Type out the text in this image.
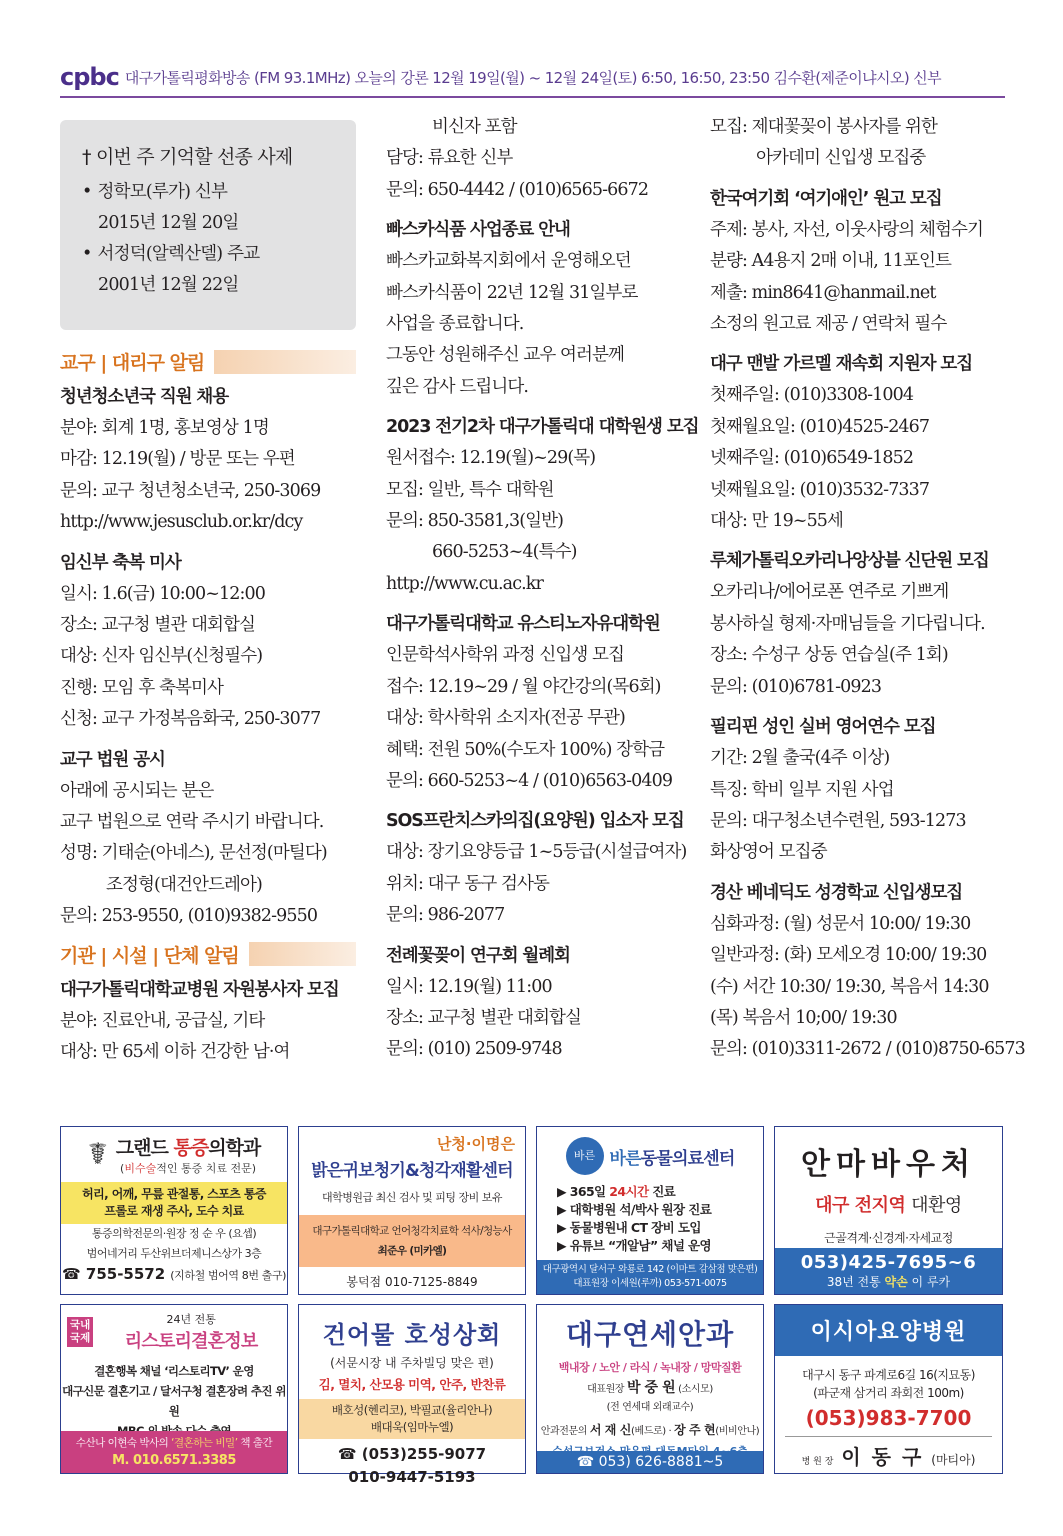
cpbc 대구가톨릭평화방송 (FM 93.1MHz) 오늘의 강론 12월 19일(월) ~ 12월 24일(토) 6:50, 16:50, 23:50 김수환(제준이냐시오) 신부
† 이번 주 기억할 선종 사제
• 정학모(루가) 신부
2015년 12월 20일
• 서정덕(알렉산델) 주교
2001년 12월 22일
교구 | 대리구 알림
청년청소년국 직원 채용

분야: 회계 1명, 홍보영상 1명

마감: 12.19(월) / 방문 또는 우편

문의: 교구 청년청소년국, 250-3069

http://www.jesusclub.or.kr/dcy

임신부 축복 미사

일시: 1.6(금) 10:00~12:00

장소: 교구청 별관 대회합실

대상: 신자 임신부(신청필수)

진행: 모임 후 축복미사

신청: 교구 가정복음화국, 250-3077

교구 법원 공시

아래에 공시되는 분은

교구 법원으로 연락 주시기 바랍니다.

성명: 기태순(아네스), 문선정(마틸다)

조정형(대건안드레아)

문의: 253-9550, (010)9382-9550

기관 | 시설 | 단체 알림
대구가톨릭대학교병원 자원봉사자 모집

분야: 진료안내, 공급실, 기타

대상: 만 65세 이하 건강한 남·여

비신자 포함

담당: 류요한 신부

문의: 650-4442 / (010)6565-6672

빠스카식품 사업종료 안내

빠스카교화복지회에서 운영해오던

빠스카식품이 22년 12월 31일부로

사업을 종료합니다.

그동안 성원해주신 교우 여러분께

깊은 감사 드립니다.

2023 전기2차 대구가톨릭대 대학원생 모집

원서접수: 12.19(월)~29(목)

모집: 일반, 특수 대학원

문의: 850-3581,3(일반)

660-5253~4(특수)

http://www.cu.ac.kr

대구가톨릭대학교 유스티노자유대학원

인문학석사학위 과정 신입생 모집

접수: 12.19~29 / 월 야간강의(목6회)

대상: 학사학위 소지자(전공 무관)

혜택: 전원 50%(수도자 100%) 장학금

문의: 660-5253~4 / (010)6563-0409

SOS프란치스카의집(요양원) 입소자 모집

대상: 장기요양등급 1~5등급(시설급여자)

위치: 대구 동구 검사동

문의: 986-2077

전례꽃꽂이 연구회 월례회

일시: 12.19(월) 11:00

장소: 교구청 별관 대회합실

문의: (010) 2509-9748

모집: 제대꽃꽂이 봉사자를 위한

아카데미 신입생 모집중

한국여기회 ‘여기애인’ 원고 모집

주제: 봉사, 자선, 이웃사랑의 체험수기

분량: A4용지 2매 이내, 11포인트

제출: min8641@hanmail.net

소정의 원고료 제공 / 연락처 필수

대구 맨발 가르멜 재속회 지원자 모집

첫째주일: (010)3308-1004

첫째월요일: (010)4525-2467

넷째주일: (010)6549-1852

넷째월요일: (010)3532-7337

대상: 만 19~55세

루체가톨릭오카리나앙상블 신단원 모집

오카리나/에어로폰 연주로 기쁘게

봉사하실 형제·자매님들을 기다립니다.

장소: 수성구 상동 연습실(주 1회)

문의: (010)6781-0923

필리핀 성인 실버 영어연수 모집

기간: 2월 출국(4주 이상)

특징: 학비 일부 지원 사업

문의: 대구청소년수련원, 593-1273

화상영어 모집중

경산 베네딕도 성경학교 신입생모집

심화과정: (월) 성문서 10:00/ 19:30

일반과정: (화) 모세오경 10:00/ 19:30

(수) 서간 10:30/ 19:30, 복음서 14:30

(목) 복음서 10;00/ 19:30

문의: (010)3311-2672 / (010)8750-6573

☤ 그랜드 통증의학과
(비수술적인 통증 치료 전문)
허리, 어깨, 무릎 관절통, 스포츠 통증
프롤로 재생 주사, 도수 치료
통증의학전문의·원장 정 순 우 (요셉)
범어네거리 두산위브더제니스상가 3층
☎ 755-5572 (지하철 범어역 8번 출구)
난청·이명은
밝은귀보청기&청각재활센터
대학병원급 최신 검사 및 피팅 장비 보유
대구가톨릭대학교 언어청각치료학 석사/청능사
최준우 (미카엘)
봉덕점 010-7125-8849
바른 바른동물의료센터
▶ 365일 24시간 진료
▶ 대학병원 석/박사 원장 진료
▶ 동물병원내 CT 장비 도입
▶ 유튜브 “개알남” 채널 운영
대구광역시 달서구 와룡로 142 (이마트 감삼점 맞은편)
대표원장 이세원(루까) 053-571-0075
안마바우처
대구 전지역 대환영
근골격계·신경계·자세교정
053)425-7695~6
38년 전통 약손 이 루카
국내
국제
24년 전통
리스토리결혼정보
결혼행복 채널 ‘리스토리TV’ 운영
대구신문 결혼기고 / 달서구청 결혼장려 추진 위원
수산나 이현숙 박사의 ‘결혼하는 비밀’ 책 출간
M. 010.6571.3385
건어물 호성상회
(서문시장 내 주차빌딩 맞은 편)
김, 멸치, 산모용 미역, 안주, 반찬류
배호성(헨리코), 박필교(율리안나)
배대욱(임마누엘)
☎ (053)255-9077
010-9447-5193
대구연세안과
백내장 / 노안 / 라식 / 녹내장 / 망막질환
대표원장 박 중 원 (소시모)
(전 연세대 외래교수)
안과전문의 서 재 신(베드로) · 장 주 현(비비안나)
☎ 053) 626-8881~5
이시아요양병원
대구시 동구 파계로6길 16(지묘동)
(파군재 삼거리 좌회전 100m)
(053)983-7700
병 원 장 이 동 구 (마티아)
